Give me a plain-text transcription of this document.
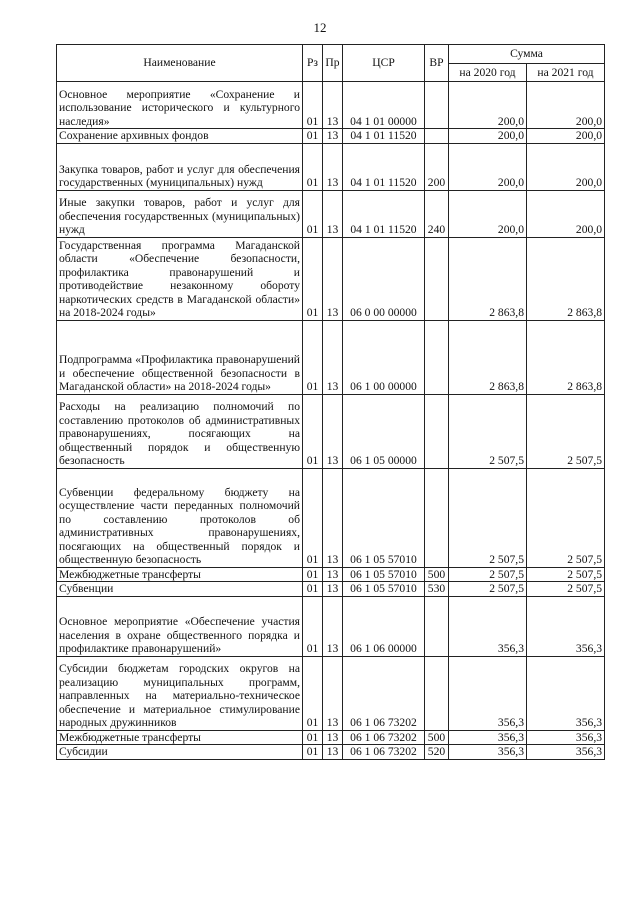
12
Наименование	Рз	Пр	ЦСР	ВР	Сумма	
					на 2020 год	на 2021 год
Основное мероприятие «Сохранение и использование исторического и культурного наследия»	01	13	04 1 01 00000		200,0	200,0
Сохранение архивных фондов	01	13	04 1 01 11520		200,0	200,0
Закупка товаров, работ и услуг для обеспечения государственных (муниципальных) нужд	01	13	04 1 01 11520	200	200,0	200,0
Иные закупки товаров, работ и услуг для обеспечения государственных (муниципальных) нужд	01	13	04 1 01 11520	240	200,0	200,0
Государственная программа Магаданской области «Обеспечение безопасности, профилактика правонарушений и противодействие незаконному обороту наркотических средств в Магаданской области» на 2018-2024 годы»	01	13	06 0 00 00000		2 863,8	2 863,8
Подпрограмма «Профилактика правонарушений и обеспечение общественной безопасности в Магаданской области» на 2018-2024 годы»	01	13	06 1 00 00000		2 863,8	2 863,8
Расходы на реализацию полномочий по составлению протоколов об административных правонарушениях, посягающих на общественный порядок и общественную безопасность	01	13	06 1 05 00000		2 507,5	2 507,5
Субвенции федеральному бюджету на осуществление части переданных полномочий по составлению протоколов об административных правонарушениях, посягающих на общественный порядок и общественную безопасность	01	13	06 1 05 57010		2 507,5	2 507,5
Межбюджетные трансферты	01	13	06 1 05 57010	500	2 507,5	2 507,5
Субвенции	01	13	06 1 05 57010	530	2 507,5	2 507,5
Основное мероприятие «Обеспечение участия населения в охране общественного порядка и профилактике правонарушений»	01	13	06 1 06 00000		356,3	356,3
Субсидии бюджетам городских округов на реализацию муниципальных программ, направленных на материально-техническое обеспечение и материальное стимулирование народных дружинников	01	13	06 1 06 73202		356,3	356,3
Межбюджетные трансферты	01	13	06 1 06 73202	500	356,3	356,3
Субсидии	01	13	06 1 06 73202	520	356,3	356,3
